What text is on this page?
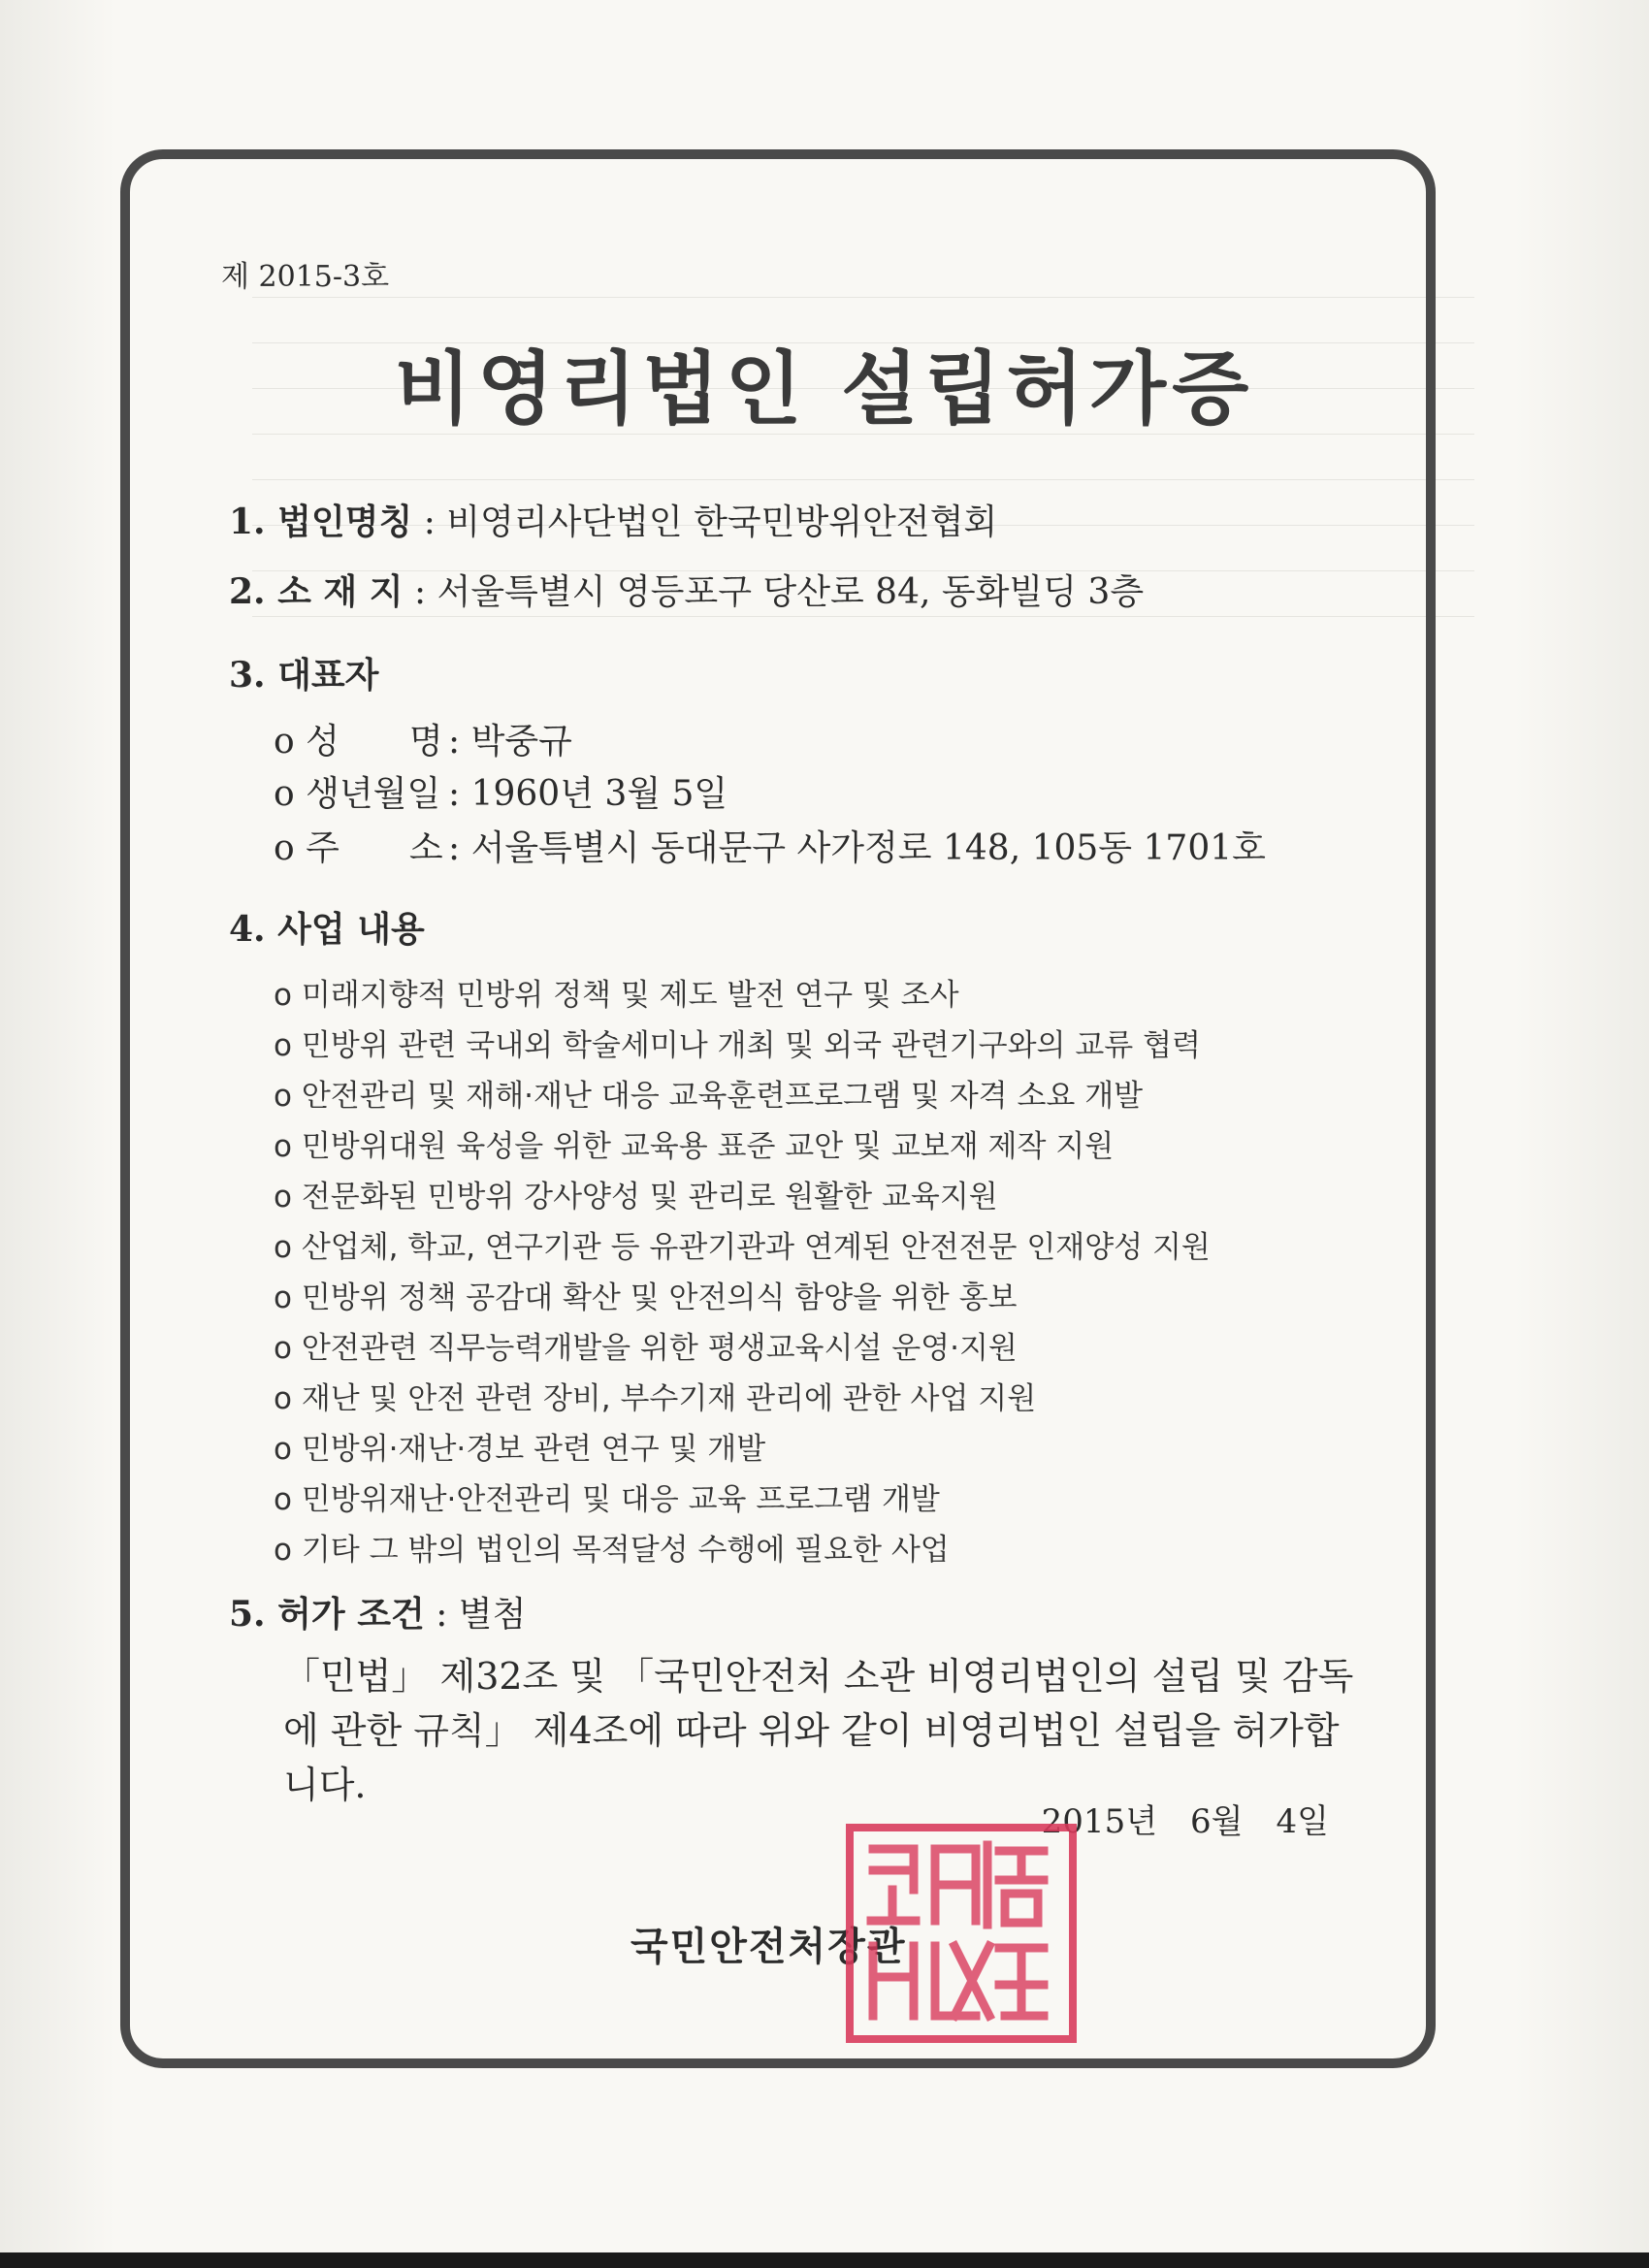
제 2015-3호
비영리법인 설립허가증
1. 법인명칭 : 비영리사단법인 한국민방위안전협회
2. 소 재 지 : 서울특별시 영등포구 당산로 84, 동화빌딩 3층
3. 대표자
o 성　　명 : 박중규
o 생년월일 : 1960년 3월 5일
o 주　　소 : 서울특별시 동대문구 사가정로 148, 105동 1701호
4. 사업 내용
o 미래지향적 민방위 정책 및 제도 발전 연구 및 조사
o 민방위 관련 국내외 학술세미나 개최 및 외국 관련기구와의 교류 협력
o 안전관리 및 재해·재난 대응 교육훈련프로그램 및 자격 소요 개발
o 민방위대원 육성을 위한 교육용 표준 교안 및 교보재 제작 지원
o 전문화된 민방위 강사양성 및 관리로 원활한 교육지원
o 산업체, 학교, 연구기관 등 유관기관과 연계된 안전전문 인재양성 지원
o 민방위 정책 공감대 확산 및 안전의식 함양을 위한 홍보
o 안전관련 직무능력개발을 위한 평생교육시설 운영·지원
o 재난 및 안전 관련 장비, 부수기재 관리에 관한 사업 지원
o 민방위·재난·경보 관련 연구 및 개발
o 민방위재난·안전관리 및 대응 교육 프로그램 개발
o 기타 그 밖의 법인의 목적달성 수행에 필요한 사업
5. 허가 조건 : 별첨
「민법」 제32조 및 「국민안전처 소관 비영리법인의 설립 및 감독에 관한 규칙」 제4조에 따라 위와 같이 비영리법인 설립을 허가합니다.
2015년　6월　4일
국민안전처장관
